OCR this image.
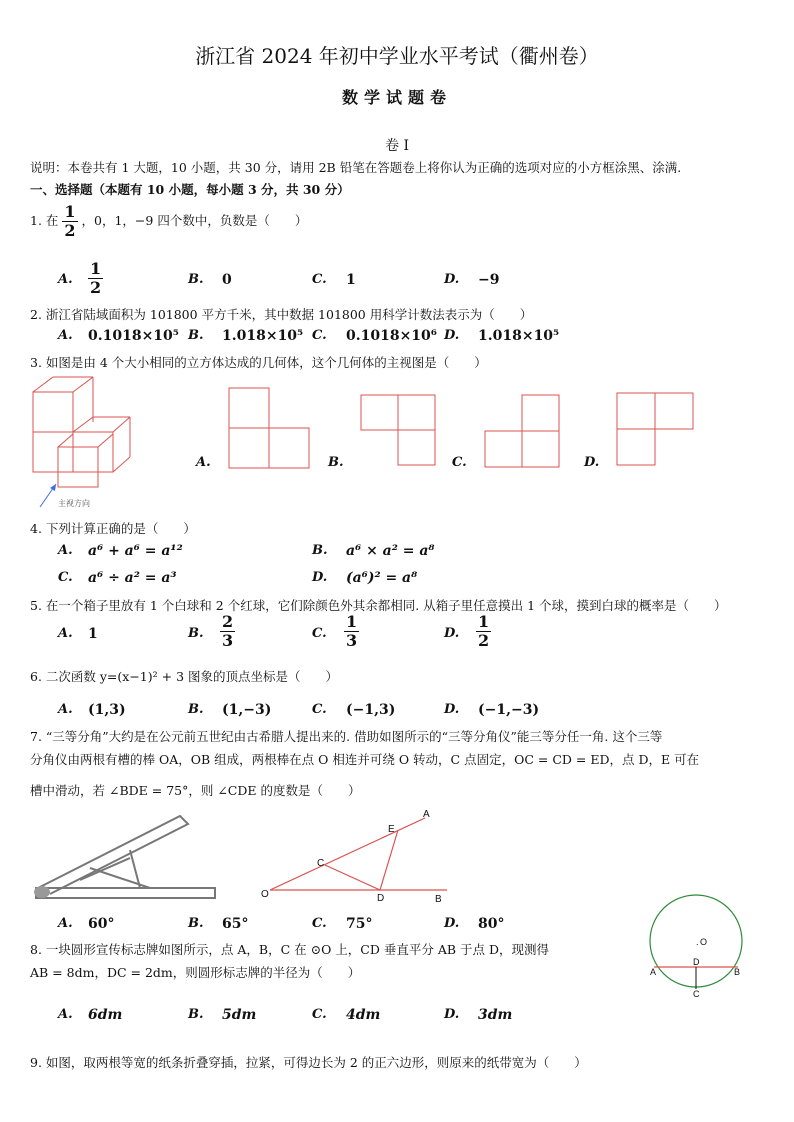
浙江省 2024 年初中学业水平考试（衢州卷）
数学试题卷
卷 I
说明：本卷共有 1 大题，10 小题，共 30 分，请用 2B 铅笔在答题卷上将你认为正确的选项对应的小方框涂黑、涂满.
一、选择题（本题有 10 小题，每小题 3 分，共 30 分）
1. 在 $\frac{1}{2}$ ，0，1，−9 四个数中，负数是（　　）
A. $\frac{1}{2}$	B. 0	C. 1	D. −9
2. 浙江省陆域面积为 101800 平方千米，其中数据 101800 用科学计数法表示为（　　）
A. 0.1018×10⁵ B. 1.018×10⁵ C. 0.1018×10⁶ D. 1.018×10⁵
3. 如图是由 4 个大小相同的立方体达成的几何体，这个几何体的主视图是（　　）
主视方向
A.	B.	C.	D.
4. 下列计算正确的是（　　）
A. a⁶ + a⁶ = a¹²	B. a⁶ × a² = a⁸
C. a⁶ ÷ a² = a³	D. (a⁶)² = a⁸
5. 在一个箱子里放有 1 个白球和 2 个红球，它们除颜色外其余都相同. 从箱子里任意摸出 1 个球，摸到白球的概率是（　　）
A. 1	B. $\frac{2}{3}$	C. $\frac{1}{3}$	D. $\frac{1}{2}$
6. 二次函数 y=(x−1)² + 3 图象的顶点坐标是（　　）
A. (1,3)	B. (1,−3)	C. (−1,3)	D. (−1,−3)
7. “三等分角”大约是在公元前五世纪由古希腊人提出来的. 借助如图所示的“三等分角仪”能三等分任一角. 这个三等
分角仪由两根有槽的棒 OA，OB 组成，两根棒在点 O 相连并可绕 O 转动，C 点固定，OC = CD = ED，点 D，E 可在
槽中滑动，若 ∠BDE = 75°，则 ∠CDE 的度数是（　　）
A
E
C
O	D	B
A. 60°	B. 65°	C. 75°	D. 80°
8. 一块圆形宣传标志牌如图所示，点 A，B，C 在 ⊙O 上，CD 垂直平分 AB 于点 D，现测得
AB = 8dm，DC = 2dm，则圆形标志牌的半径为（　　）
. O
A
D
B
C
A. 6dm	B. 5dm	C. 4dm	D. 3dm
9. 如图，取两根等宽的纸条折叠穿插，拉紧，可得边长为 2 的正六边形，则原来的纸带宽为（　　）
